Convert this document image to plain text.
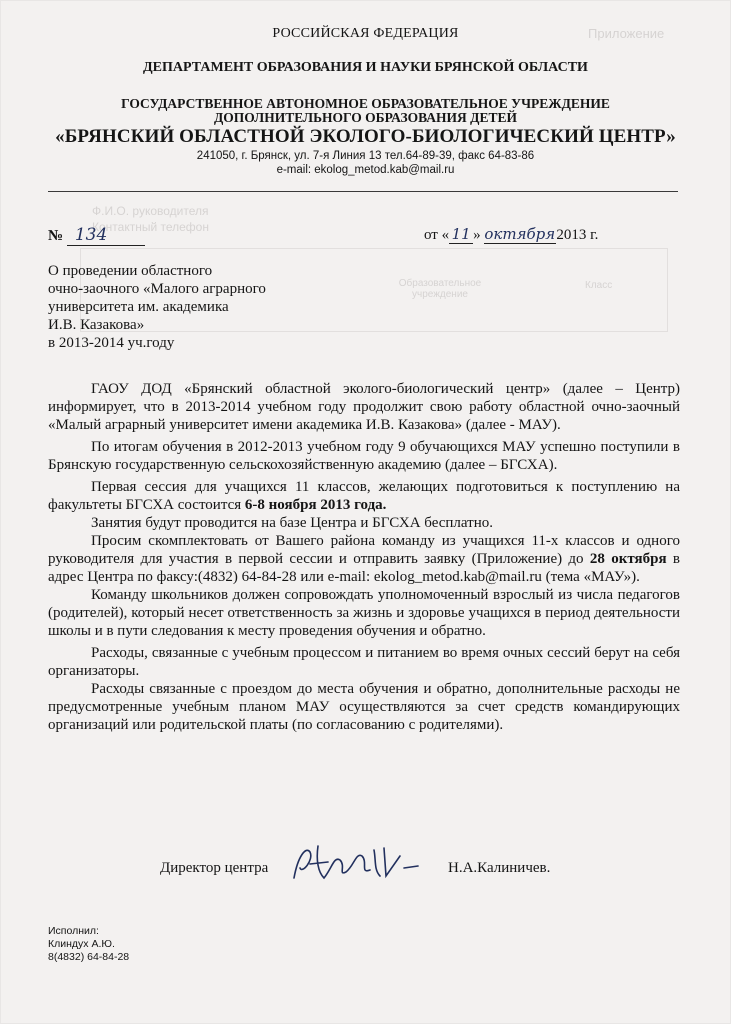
Приложение
Ф.И.О. руководителя
Контактный телефон
Образовательное учреждение
Класс
РОССИЙСКАЯ ФЕДЕРАЦИЯ
ДЕПАРТАМЕНТ ОБРАЗОВАНИЯ И НАУКИ БРЯНСКОЙ ОБЛАСТИ
ГОСУДАРСТВЕННОЕ АВТОНОМНОЕ ОБРАЗОВАТЕЛЬНОЕ УЧРЕЖДЕНИЕ
ДОПОЛНИТЕЛЬНОГО ОБРАЗОВАНИЯ ДЕТЕЙ
«БРЯНСКИЙ ОБЛАСТНОЙ ЭКОЛОГО-БИОЛОГИЧЕСКИЙ ЦЕНТР»
241050, г. Брянск, ул. 7-я Линия 13 тел.64-89-39, факс 64-83-86
e-mail: ekolog_metod.kab@mail.ru
№ 134	от « 11 » октября2013 г.
О проведении областного
очно-заочного «Малого аграрного
университета им. академика
И.В. Казакова»
в 2013-2014 уч.году

ГАОУ ДОД «Брянский областной эколого-биологический центр» (далее – Центр) информирует, что в 2013-2014 учебном году продолжит свою работу областной очно-заочный «Малый аграрный университет имени академика И.В. Казакова» (далее - МАУ).

По итогам обучения в 2012-2013 учебном году 9 обучающихся МАУ успешно поступили в Брянскую государственную сельскохозяйственную академию (далее – БГСХА).

Первая сессия для учащихся 11 классов, желающих подготовиться к поступлению на факультеты БГСХА состоится 6-8 ноября 2013 года.

Занятия будут проводится на базе Центра и БГСХА бесплатно.

Просим скомплектовать от Вашего района команду из учащихся 11-х классов и одного руководителя для участия в первой сессии и отправить заявку (Приложение) до 28 октября в адрес Центра по факсу:(4832) 64-84-28 или e-mail: ekolog_metod.kab@mail.ru (тема «МАУ»).

Команду школьников должен сопровождать уполномоченный взрослый из числа педагогов (родителей), который несет ответственность за жизнь и здоровье учащихся в период деятельности школы и в пути следования к месту проведения обучения и обратно.

Расходы, связанные с учебным процессом и питанием во время очных сессий берут на себя организаторы.

Расходы связанные с проездом до места обучения и обратно, дополнительные расходы не предусмотренные учебным планом МАУ осуществляются за счет средств командирующих организаций или родительской платы (по согласованию с родителями).

Директор центра	Н.А.Калиничев.
Исполнил:
Клиндух А.Ю.
8(4832) 64-84-28
